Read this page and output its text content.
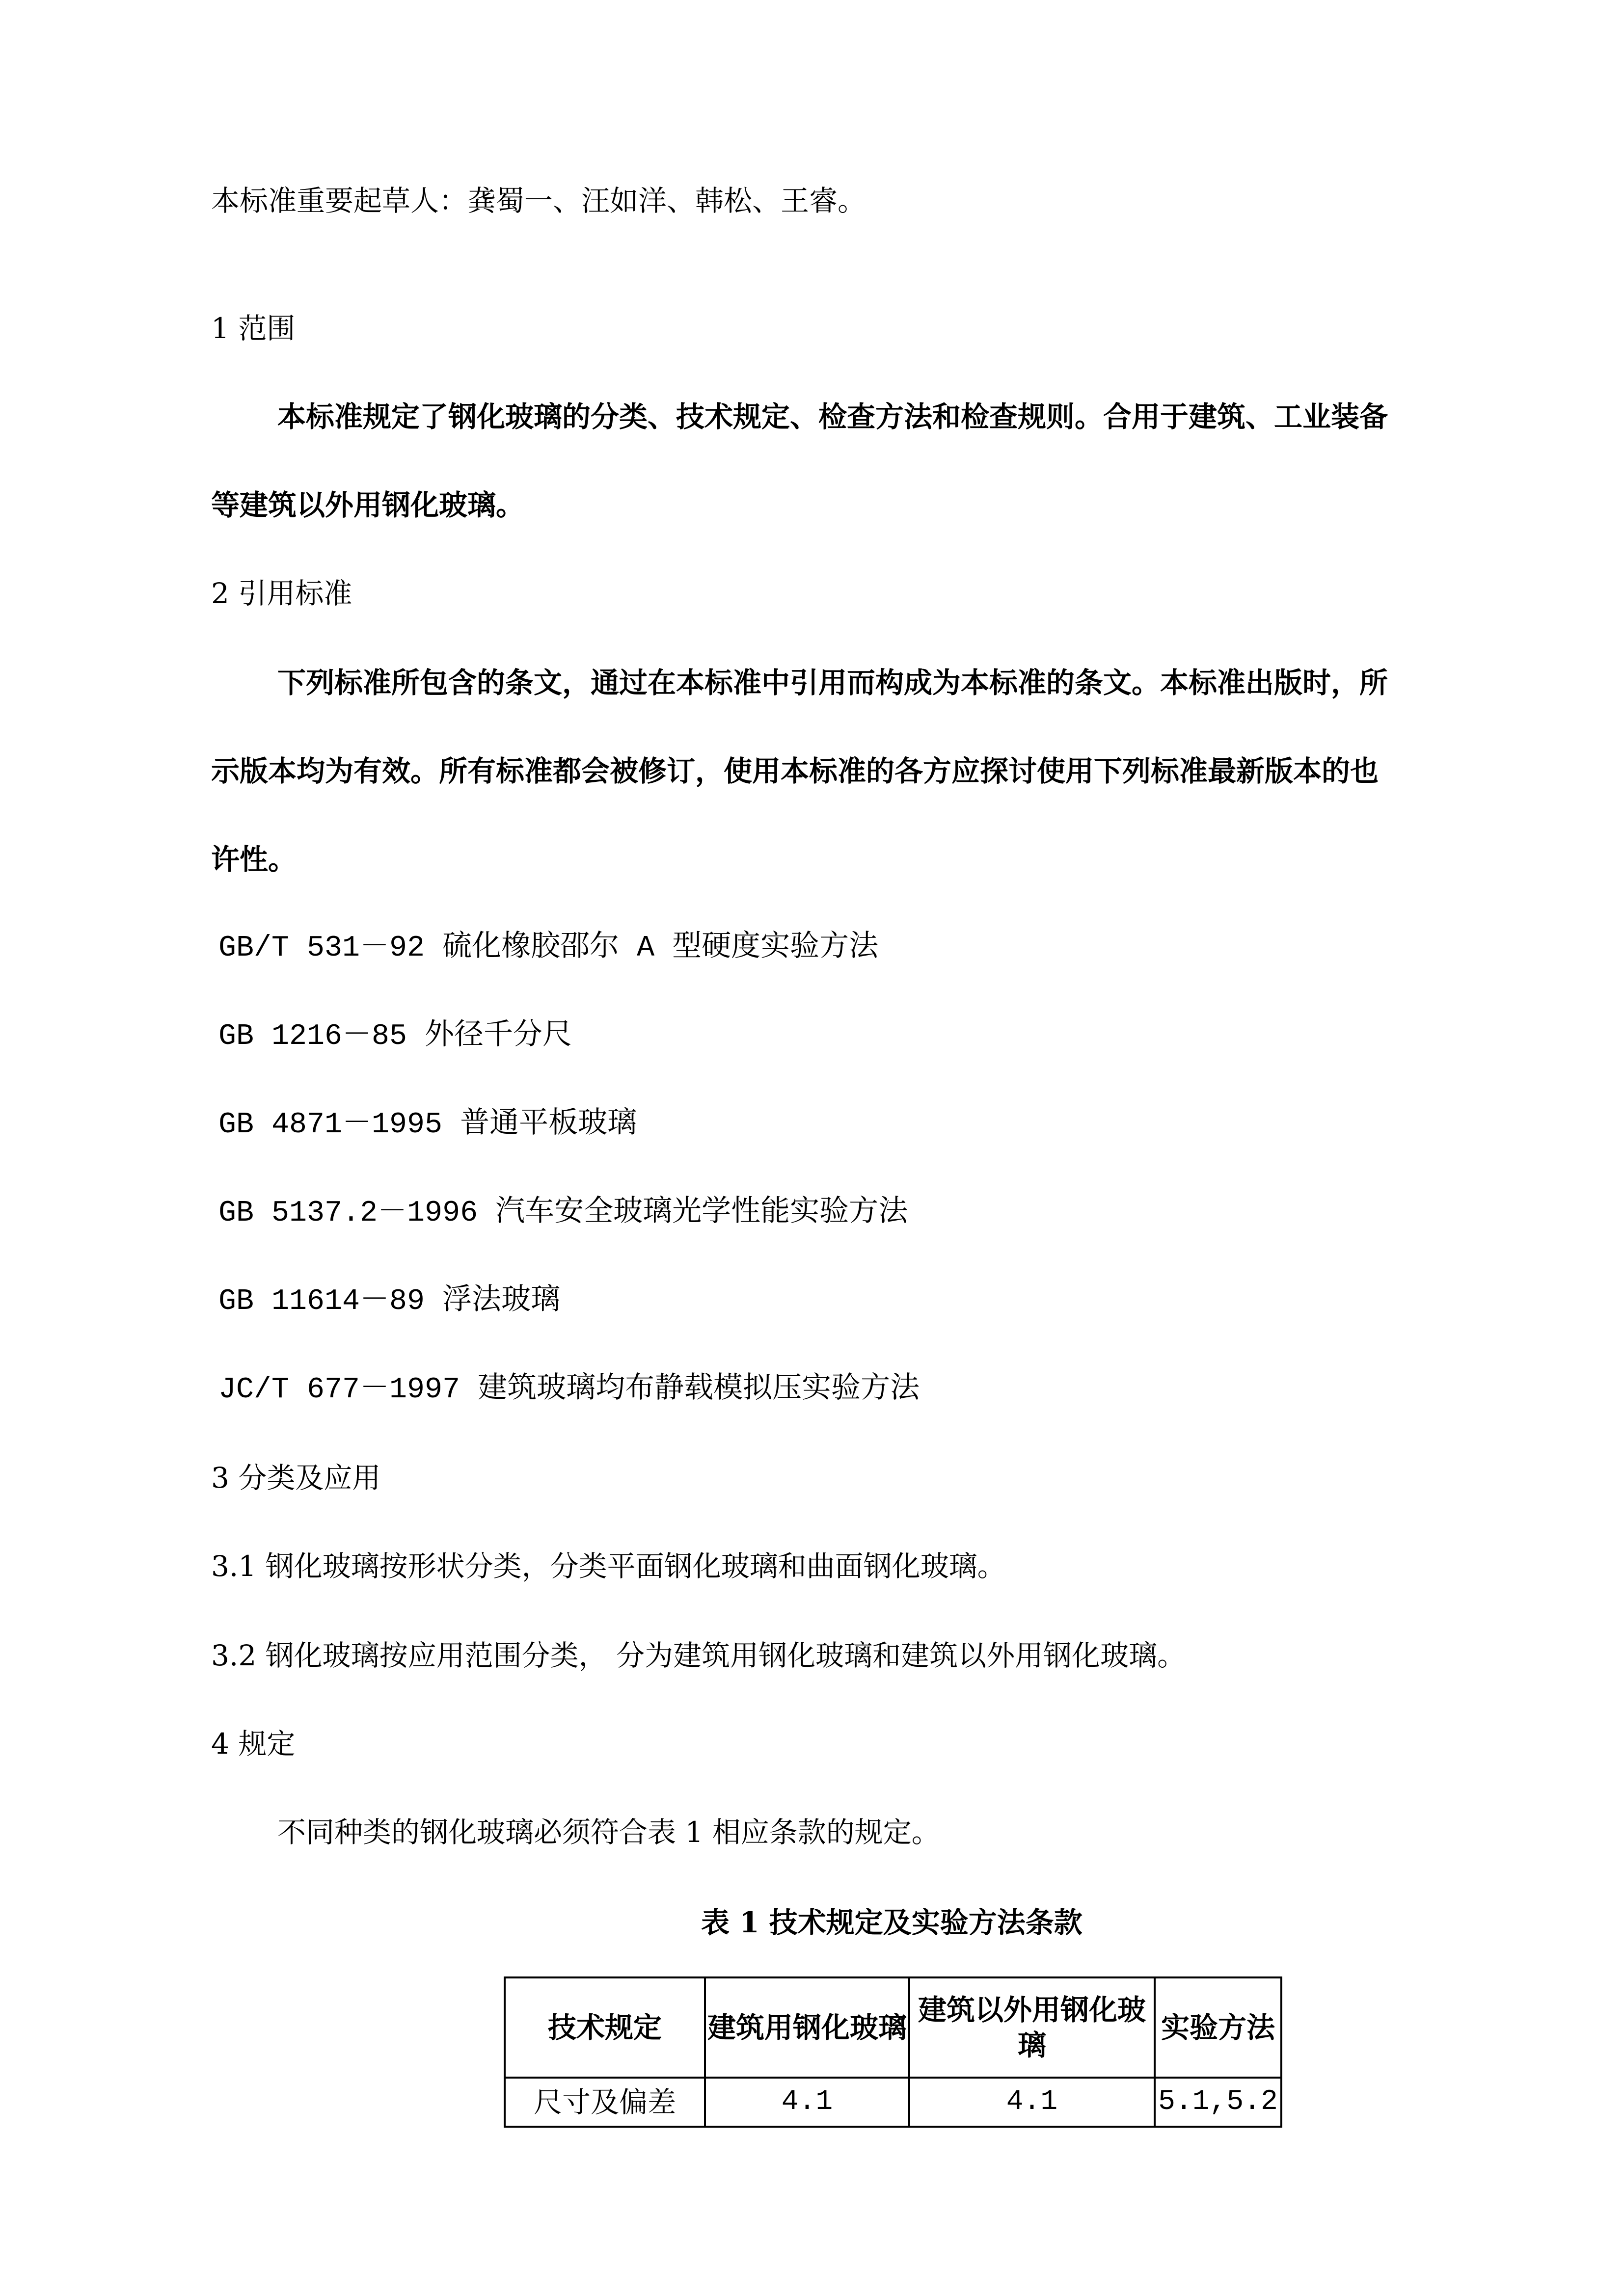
本标准重要起草人：龚蜀一、汪如洋、韩松、王睿。
1 范围
本标准规定了钢化玻璃的分类、技术规定、检查方法和检查规则。合用于建筑、工业装备
等建筑以外用钢化玻璃。
2 引用标准
下列标准所包含的条文，通过在本标准中引用而构成为本标准的条文。本标准出版时，所
示版本均为有效。所有标准都会被修订，使用本标准的各方应探讨使用下列标准最新版本的也
许性。
GB/T 531－92 硫化橡胶邵尔 A 型硬度实验方法
GB 1216－85 外径千分尺
GB 4871－1995 普通平板玻璃
GB 5137.2－1996 汽车安全玻璃光学性能实验方法
GB 11614－89 浮法玻璃
JC/T 677－1997 建筑玻璃均布静载模拟压实验方法
3 分类及应用
3.1 钢化玻璃按形状分类，分类平面钢化玻璃和曲面钢化玻璃。
3.2 钢化玻璃按应用范围分类， 分为建筑用钢化玻璃和建筑以外用钢化玻璃。
4 规定
不同种类的钢化玻璃必须符合表 1 相应条款的规定。
表 1 技术规定及实验方法条款
技术规定	建筑用钢化玻璃	建筑以外用钢化玻璃	实验方法
尺寸及偏差	4.1	4.1	5.1,5.2
